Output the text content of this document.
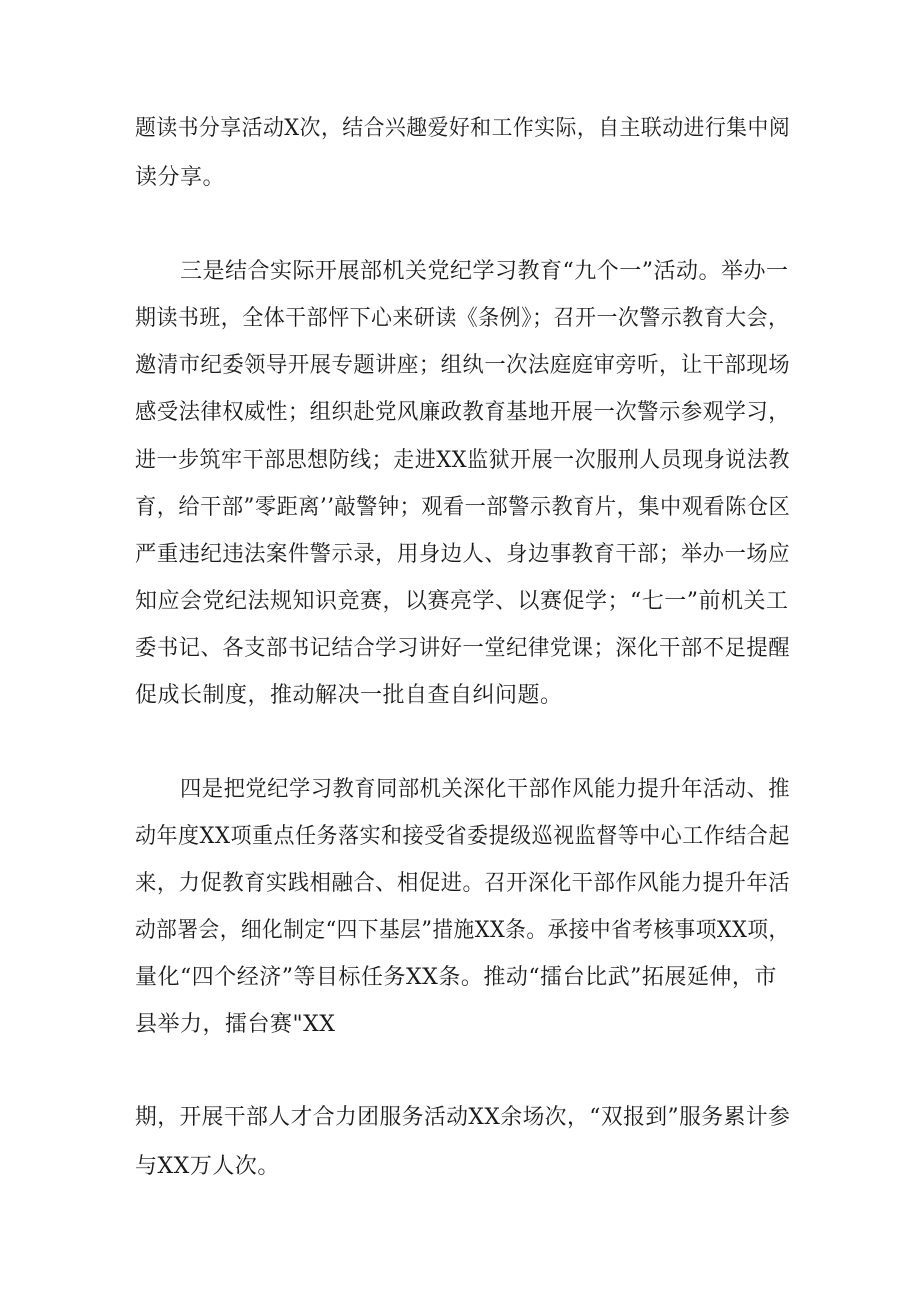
题读书分享活动X次，结合兴趣爱好和工作实际，自主联动进行集中阅
读分享。
三是结合实际开展部机关党纪学习教育“九个一”活动。举办一
期读书班，全体干部怦下心来研读《条例》；召开一次警示教育大会，
邀清市纪委领导开展专题讲座；组纨一次法庭庭审旁听，让干部现场
感受法律权威性；组织赴党风廉政教育基地开展一次警示参观学习，
进一步筑牢干部思想防线；走进XX监狱开展一次服刑人员现身说法教
育，给干部”零距离’’敲警钟；观看一部警示教育片，集中观看陈仓区
严重违纪违法案件警示录，用身边人、身边事教育干部；举办一场应
知应会党纪法规知识竞赛，以赛亮学、以赛促学；“七一”前机关工
委书记、各支部书记结合学习讲好一堂纪律党课；深化干部不足提醒
促成长制度，推动解决一批自查自纠问题。
四是把党纪学习教育同部机关深化干部作风能力提升年活动、推
动年度XX项重点任务落实和接受省委提级巡视监督等中心工作结合起
来，力促教育实践相融合、相促进。召开深化干部作风能力提升年活
动部署会，细化制定“四下基层”措施XX条。承接中省考核事项XX项，
量化“四个经济”等目标任务XX条。推动“擂台比武”拓展延伸，市
县举力，擂台赛"XX
期，开展干部人才合力团服务活动XX余场次，“双报到”服务累计参
与XX万人次。
